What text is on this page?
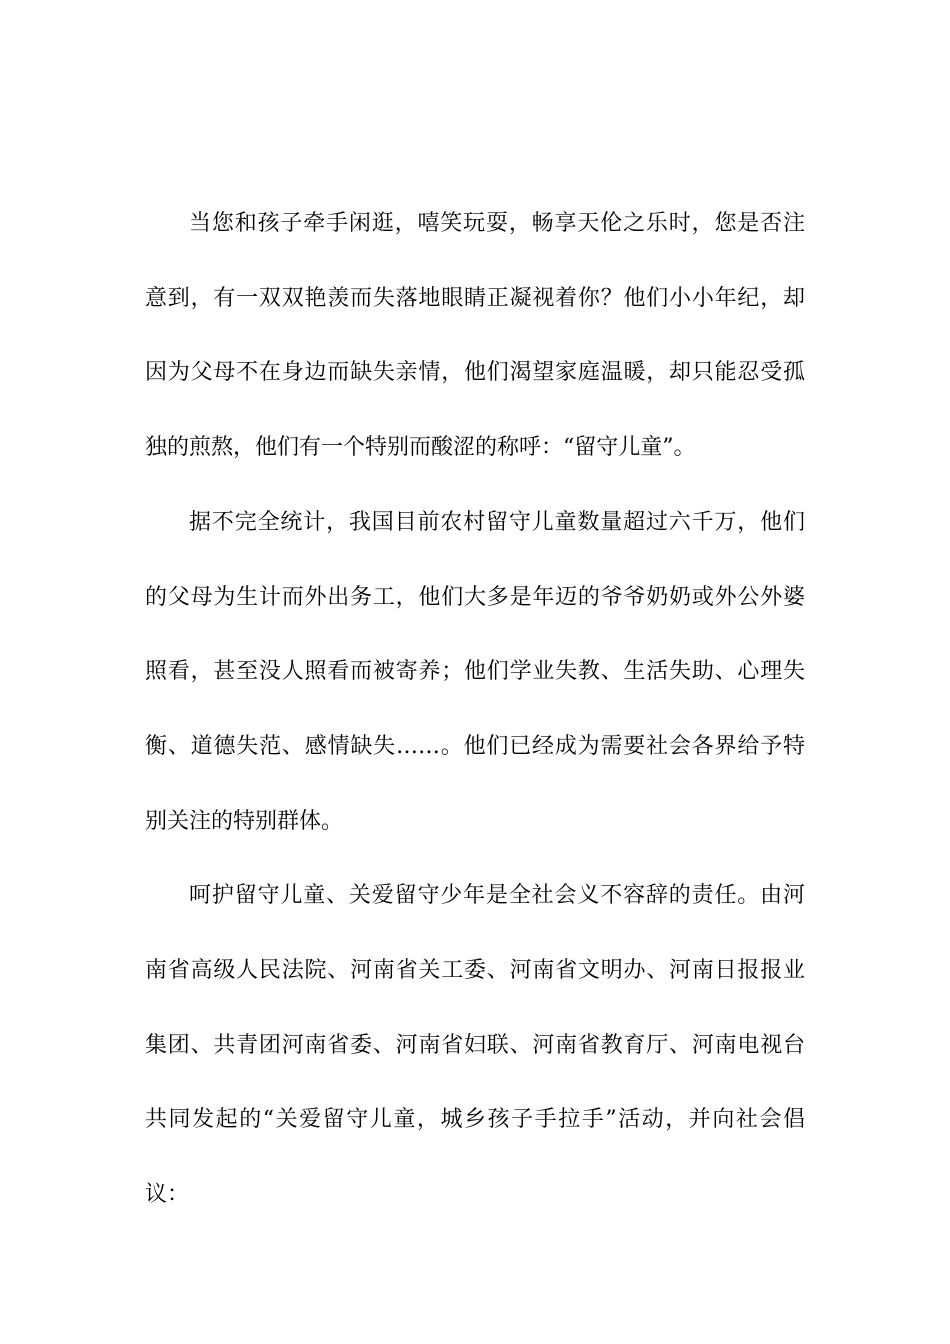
当您和孩子牵手闲逛，嘻笑玩耍，畅享天伦之乐时，您是否注
意到，有一双双艳羡而失落地眼睛正凝视着你？他们小小年纪，却
因为父母不在身边而缺失亲情，他们渴望家庭温暖，却只能忍受孤
独的煎熬，他们有一个特别而酸涩的称呼：“留守儿童”。

据不完全统计，我国目前农村留守儿童数量超过六千万，他们
的父母为生计而外出务工，他们大多是年迈的爷爷奶奶或外公外婆
照看，甚至没人照看而被寄养；他们学业失教、生活失助、心理失
衡、道德失范、感情缺失……。他们已经成为需要社会各界给予特
别关注的特别群体。

呵护留守儿童、关爱留守少年是全社会义不容辞的责任。由河
南省高级人民法院、河南省关工委、河南省文明办、河南日报报业
集团、共青团河南省委、河南省妇联、河南省教育厅、河南电视台
共同发起的“关爱留守儿童，城乡孩子手拉手”活动，并向社会倡
议：
